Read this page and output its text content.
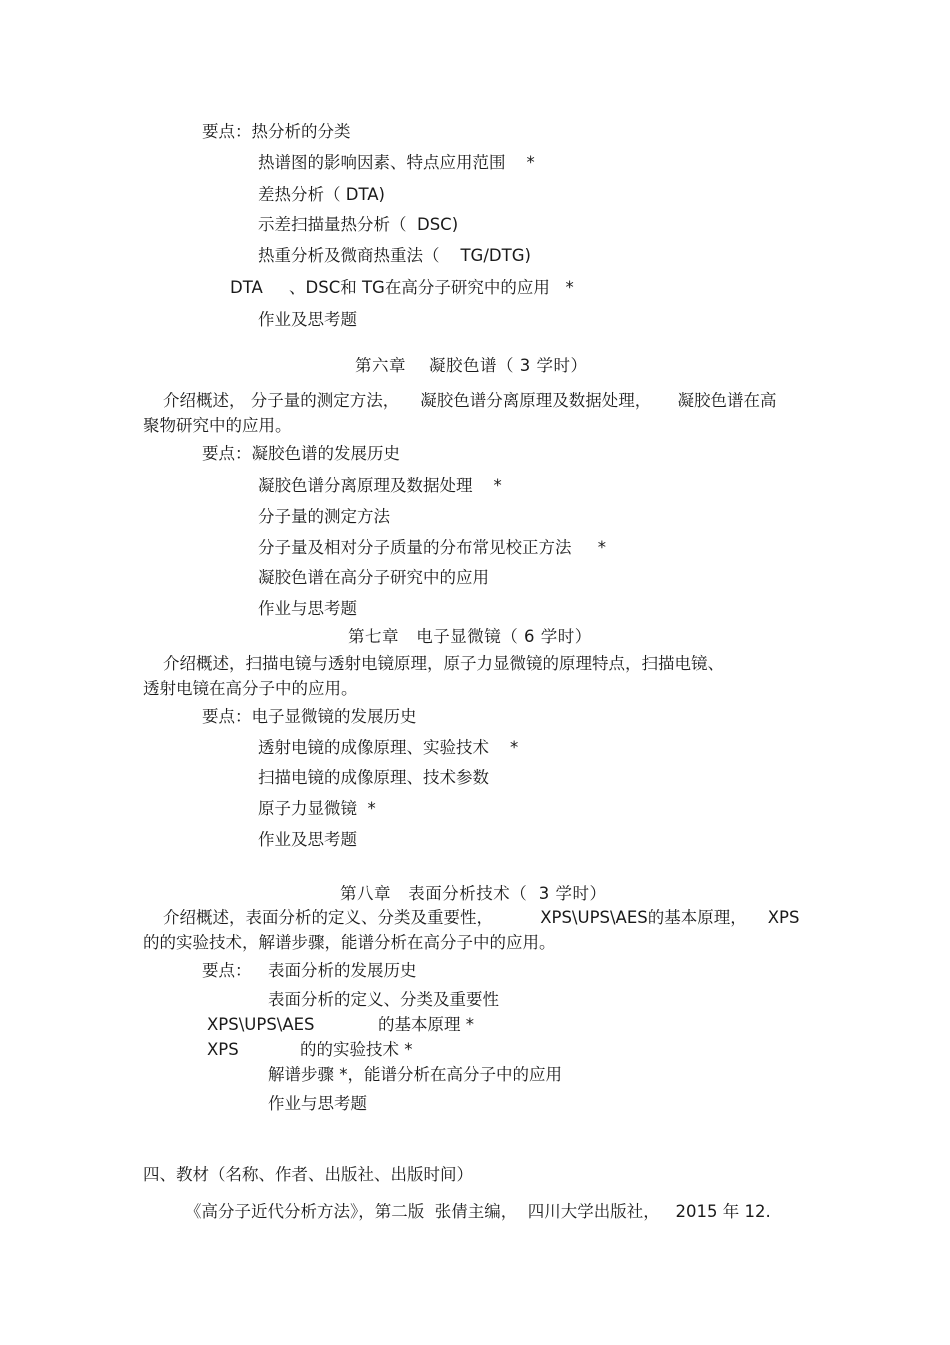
要点：热分析的分类
热谱图的影响因素、特点应用范围    *
差热分析（ DTA)
示差扫描量热分析（  DSC)
热重分析及微商热重法（    TG/DTG)
DTA     、DSC和 TG在高分子研究中的应用   *
作业及思考题
第六章    凝胶色谱（ 3 学时）
介绍概述， 分子量的测定方法，    凝胶色谱分离原理及数据处理，     凝胶色谱在高
聚物研究中的应用。
要点：凝胶色谱的发展历史
凝胶色谱分离原理及数据处理    *
分子量的测定方法
分子量及相对分子质量的分布常见校正方法     *
凝胶色谱在高分子研究中的应用
作业与思考题
第七章   电子显微镜（ 6 学时）
介绍概述，扫描电镜与透射电镜原理，原子力显微镜的原理特点，扫描电镜、
透射电镜在高分子中的应用。
要点：电子显微镜的发展历史
透射电镜的成像原理、实验技术    *
扫描电镜的成像原理、技术参数
原子力显微镜  *
作业及思考题
第八章   表面分析技术（  3 学时）
介绍概述，表面分析的定义、分类及重要性，         XPS\UPS\AES的基本原理，    XPS
的的实验技术，解谱步骤，能谱分析在高分子中的应用。
要点： 表面分析的发展历史
表面分析的定义、分类及重要性
XPS\UPS\AES	的基本原理 *
XPS	的的实验技术 *
解谱步骤 *，能谱分析在高分子中的应用
作业与思考题
四、教材（名称、作者、出版社、出版时间）
《高分子近代分析方法》，第二版  张倩主编，  四川大学出版社，   2015 年 12.
